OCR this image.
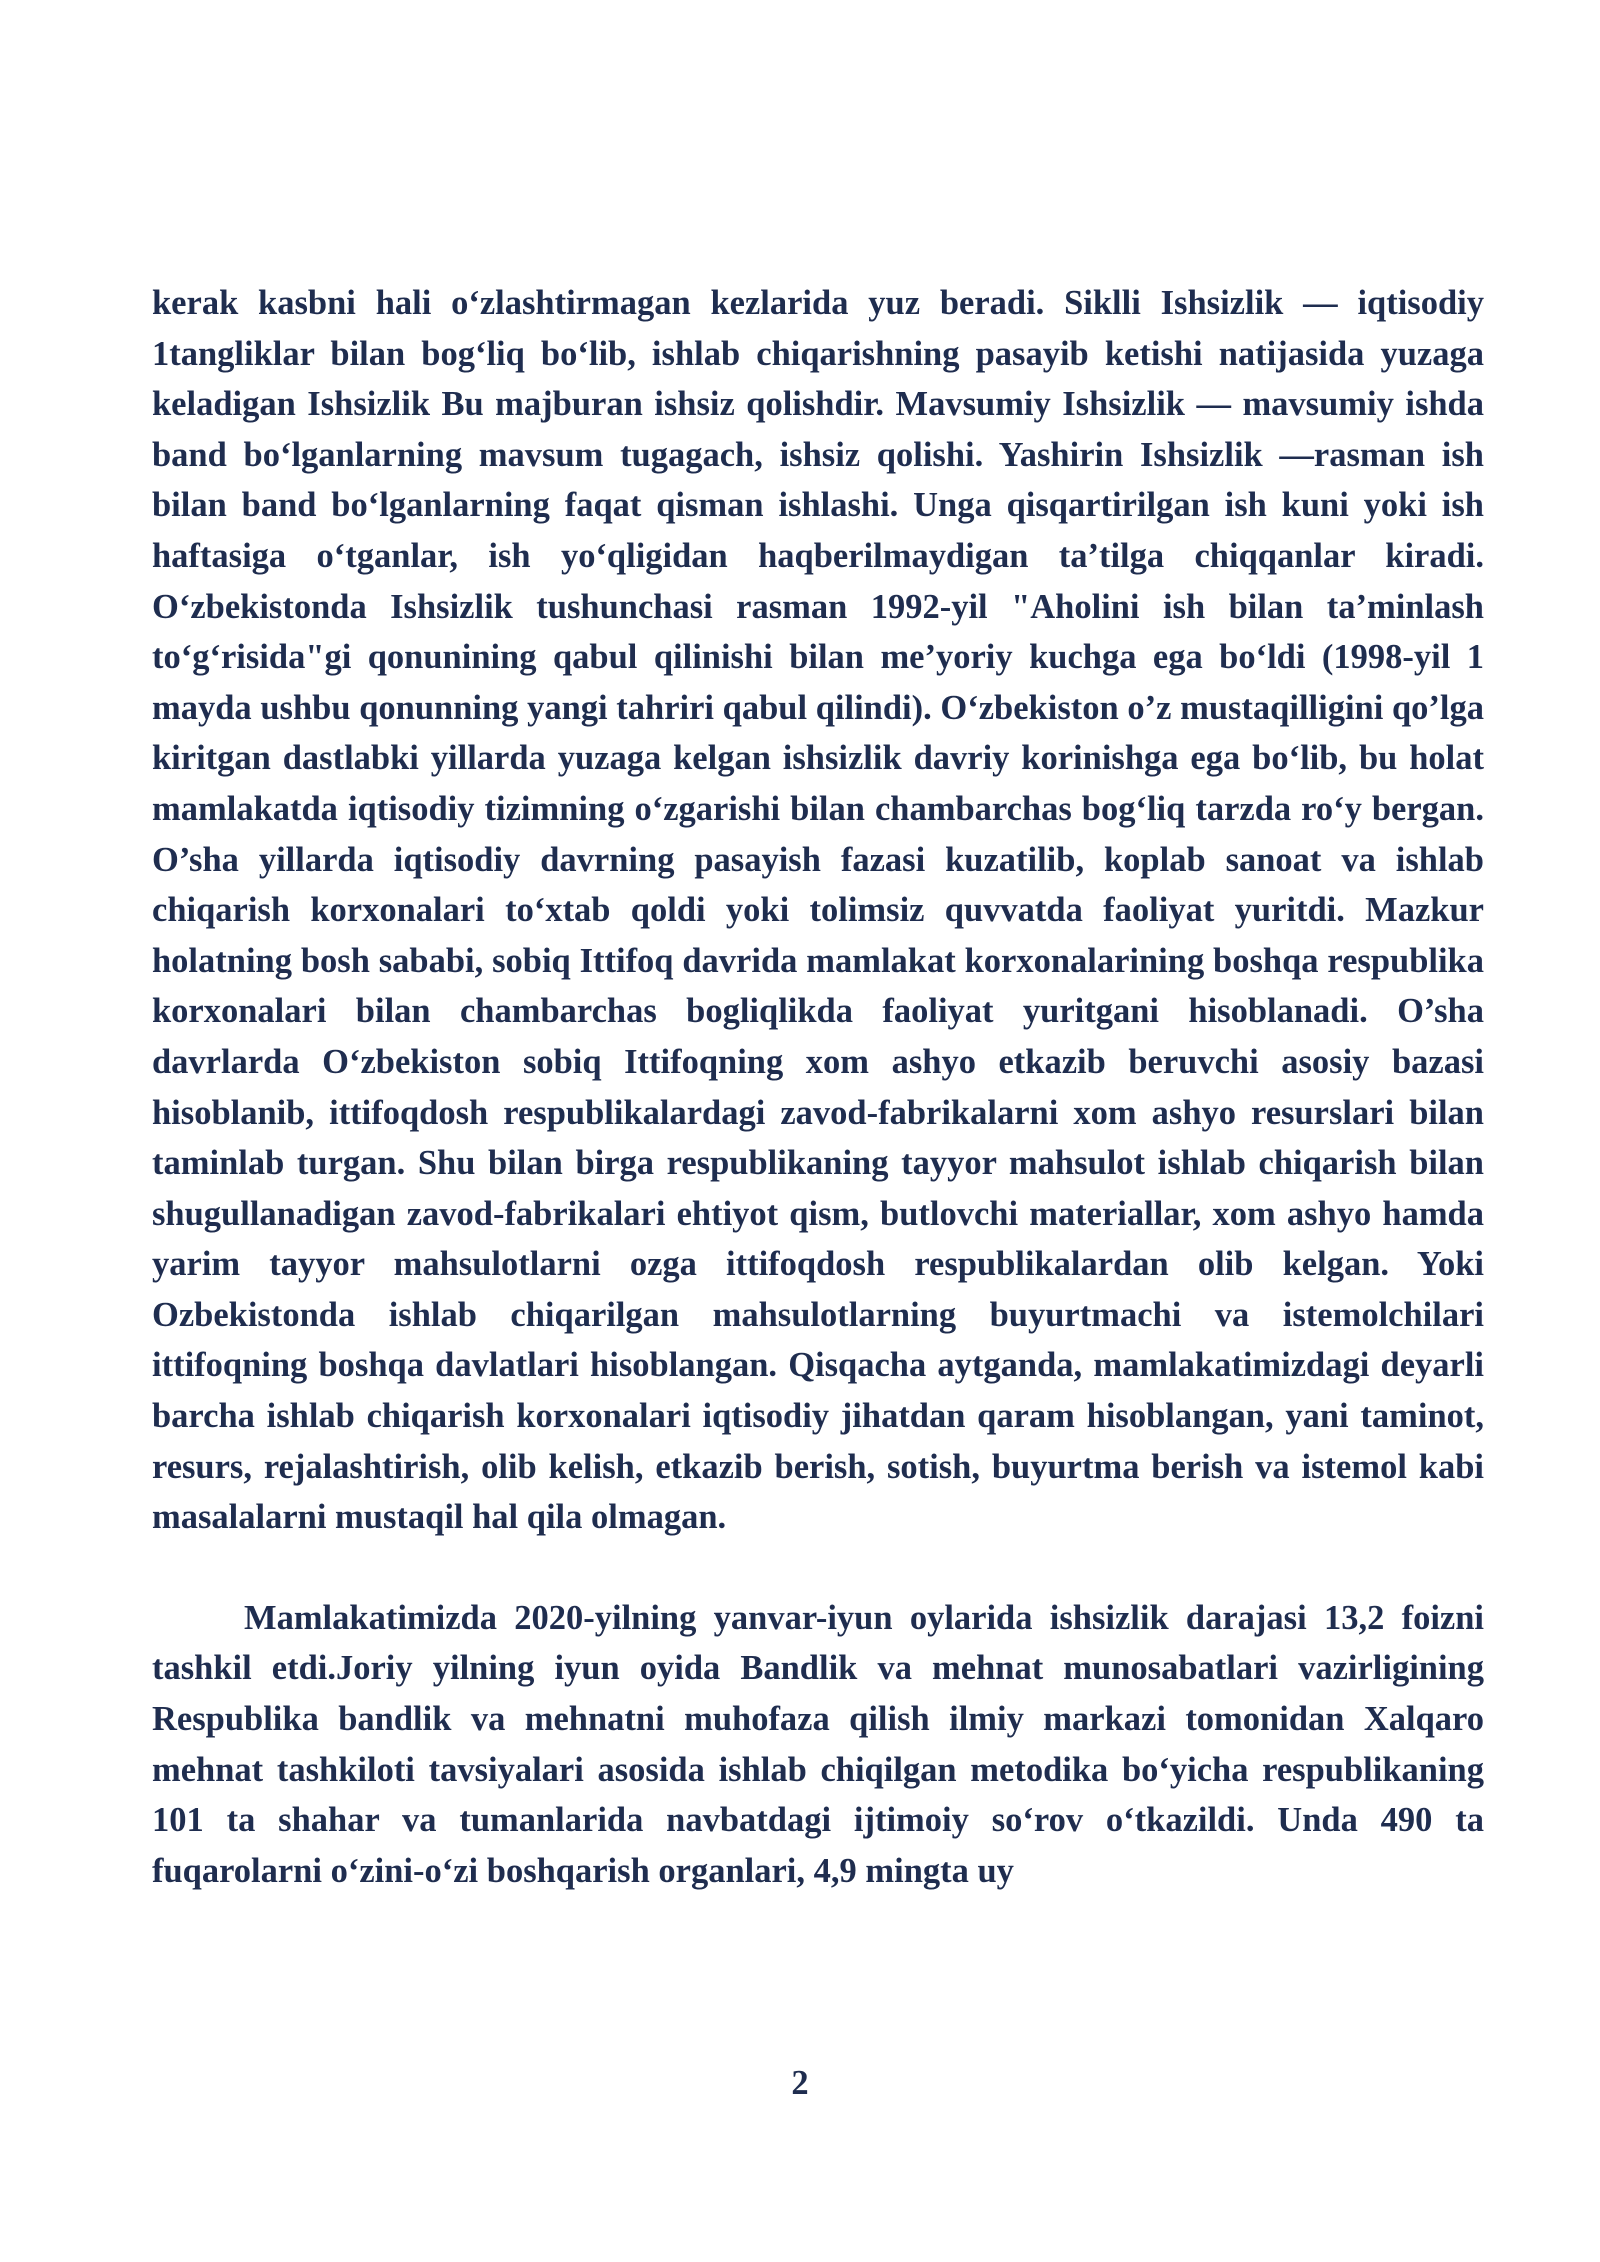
kerak kasbni hali o‘zlashtirmagan kezlarida yuz beradi. Siklli Ishsizlik — iqtisodiy 1tangliklar bilan bog‘liq bo‘lib, ishlab chiqarishning pasayib ketishi natijasida yuzaga keladigan Ishsizlik Bu majburan ishsiz qolishdir. Mavsumiy Ishsizlik — mavsumiy ishda band bo‘lganlarning mavsum tugagach, ishsiz qolishi. Yashirin Ishsizlik —rasman ish bilan band bo‘lganlarning faqat qisman ishlashi. Unga qisqartirilgan ish kuni yoki ish haftasiga o‘tganlar, ish yo‘qligidan haqberilmaydigan ta’tilga chiqqanlar kiradi. O‘zbekistonda Ishsizlik tushunchasi rasman 1992-yil "Aholini ish bilan ta’minlash to‘g‘risida"gi qonunining qabul qilinishi bilan me’yoriy kuchga ega bo‘ldi (1998-yil 1 mayda ushbu qonunning yangi tahriri qabul qilindi). O‘zbekiston o’z mustaqilligini qo’lga kiritgan dastlabki yillarda yuzaga kelgan ishsizlik davriy korinishga ega bo‘lib, bu holat mamlakatda iqtisodiy tizimning o‘zgarishi bilan chambarchas bog‘liq tarzda ro‘y bergan. O’sha yillarda iqtisodiy davrning pasayish fazasi kuzatilib, koplab sanoat va ishlab chiqarish korxonalari to‘xtab qoldi yoki tolimsiz quvvatda faoliyat yuritdi. Mazkur holatning bosh sababi, sobiq Ittifoq davrida mamlakat korxonalarining boshqa respublika korxonalari bilan chambarchas bogliqlikda faoliyat yuritgani hisoblanadi. O’sha davrlarda O‘zbekiston sobiq Ittifoqning xom ashyo etkazib beruvchi asosiy bazasi hisoblanib, ittifoqdosh respublikalardagi zavod-fabrikalarni xom ashyo resurslari bilan taminlab turgan. Shu bilan birga respublikaning tayyor mahsulot ishlab chiqarish bilan shugullanadigan zavod-fabrikalari ehtiyot qism, butlovchi materiallar, xom ashyo hamda yarim tayyor mahsulotlarni ozga ittifoqdosh respublikalardan olib kelgan. Yoki Ozbekistonda ishlab chiqarilgan mahsulotlarning buyurtmachi va istemolchilari ittifoqning boshqa davlatlari hisoblangan. Qisqacha aytganda, mamlakatimizdagi deyarli barcha ishlab chiqarish korxonalari iqtisodiy jihatdan qaram hisoblangan, yani taminot, resurs, rejalashtirish, olib kelish, etkazib berish, sotish, buyurtma berish va istemol kabi masalalarni mustaqil hal qila olmagan.

Mamlakatimizda 2020-yilning yanvar-iyun oylarida ishsizlik darajasi 13,2 foizni tashkil etdi.Joriy yilning iyun oyida Bandlik va mehnat munosabatlari vazirligining Respublika bandlik va mehnatni muhofaza qilish ilmiy markazi tomonidan Xalqaro mehnat tashkiloti tavsiyalari asosida ishlab chiqilgan metodika bo‘yicha respublikaning 101 ta shahar va tumanlarida navbatdagi ijtimoiy so‘rov o‘tkazildi. Unda 490 ta fuqarolarni o‘zini-o‘zi boshqarish organlari, 4,9 mingta uy

2
